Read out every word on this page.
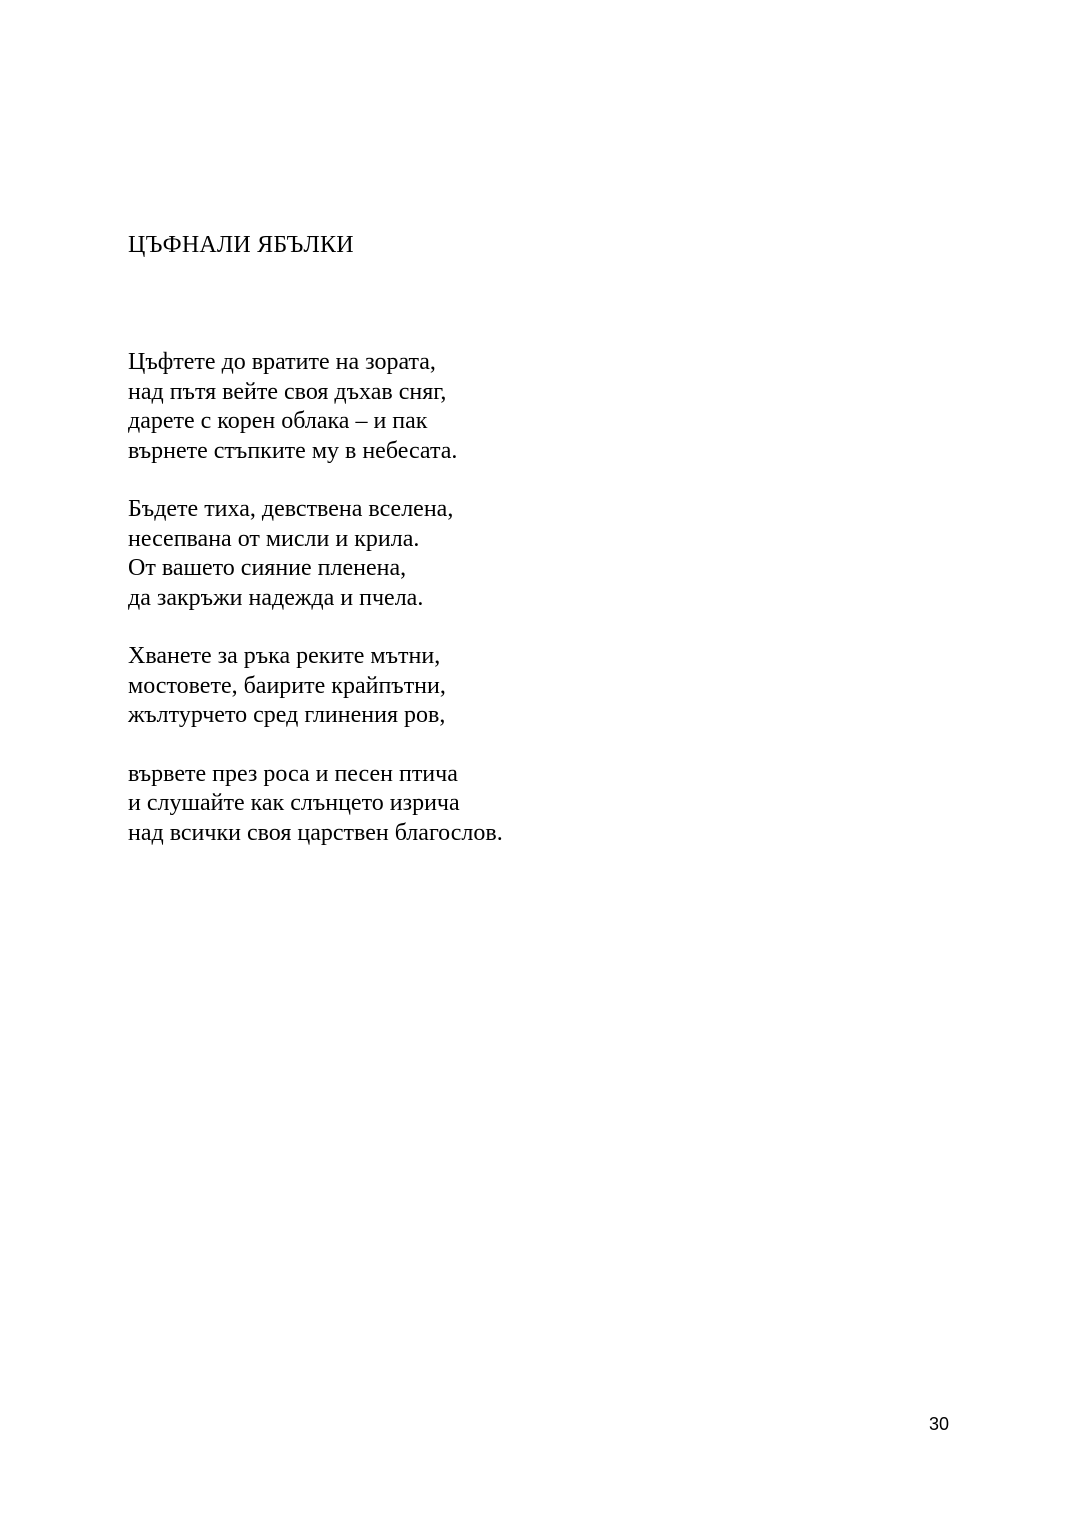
ЦЪФНАЛИ ЯБЪЛКИ

Цъфтете до вратите на зората,
над пътя вейте своя дъхав сняг,
дарете с корен облака – и пак
върнете стъпките му в небесата.

Бъдете тиха, девствена вселена,
несепвана от мисли и крила.
От вашето сияние пленена,
да закръжи надежда и пчела.

Хванете за ръка реките мътни,
мостовете, баирите крайпътни,
жълтурчето сред глинения ров,

вървете през роса и песен птича
и слушайте как слънцето изрича
над всички своя царствен благослов.

30
